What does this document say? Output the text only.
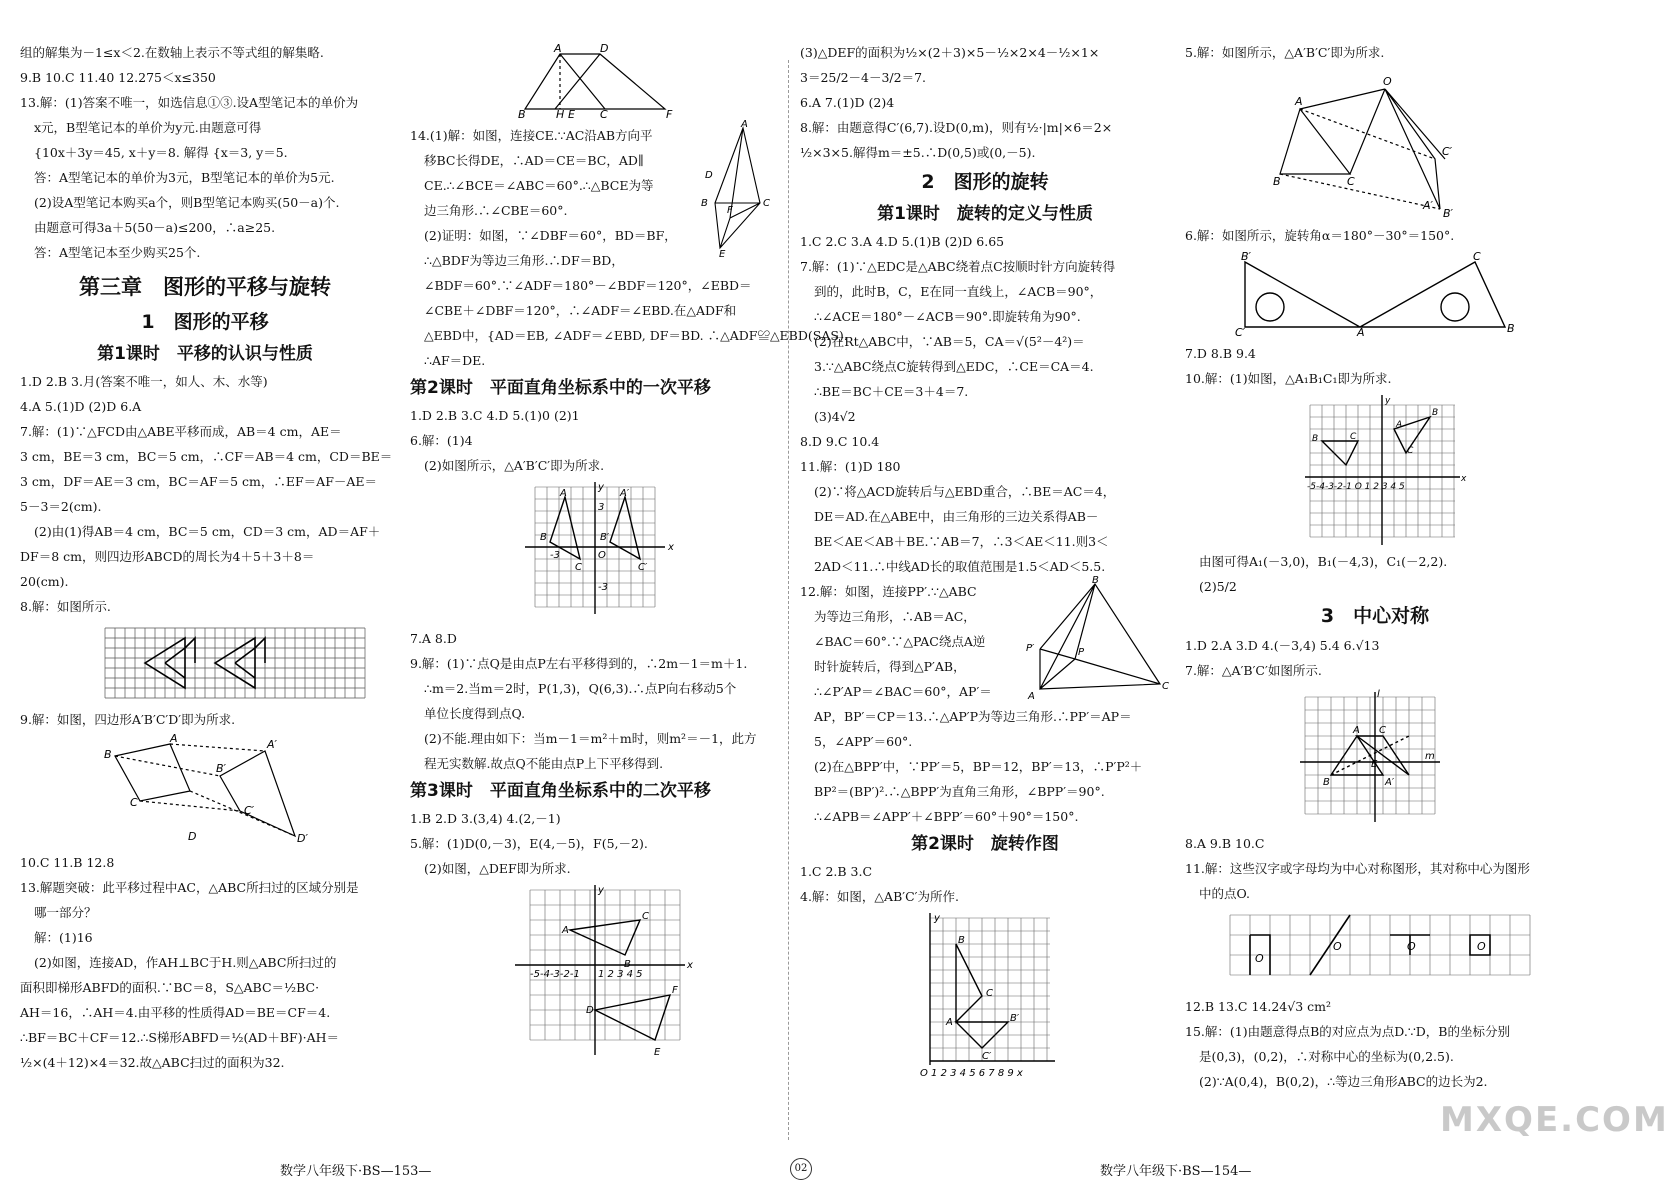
组的解集为－1≤x＜2.在数轴上表示不等式组的解集略.

9.B 10.C 11.40 12.275＜x≤350

13.解：(1)答案不唯一，如选信息①③.设A型笔记本的单价为

x元，B型笔记本的单价为y元.由题意可得

{10x＋3y＝45, x＋y＝8. 解得 {x＝3, y＝5.

答：A型笔记本的单价为3元，B型笔记本的单价为5元.

(2)设A型笔记本购买a个，则B型笔记本购买(50－a)个.

由题意可得3a＋5(50－a)≤200，∴a≥25.

答：A型笔记本至少购买25个.

第三章　图形的平移与旋转
1　图形的平移
第1课时　平移的认识与性质

1.D 2.B 3.月(答案不唯一，如人、木、水等)

4.A 5.(1)D (2)D 6.A

7.解：(1)∵△FCD由△ABE平移而成，AB＝4 cm，AE＝

3 cm，BE＝3 cm，BC＝5 cm，∴CF＝AB＝4 cm，CD＝BE＝

3 cm，DF＝AE＝3 cm，BC＝AF＝5 cm，∴EF＝AF－AE＝

5－3＝2(cm).

(2)由(1)得AB＝4 cm，BC＝5 cm，CD＝3 cm，AD＝AF＋

DF＝8 cm，则四边形ABCD的周长为4＋5＋3＋8＝

20(cm).

8.解：如图所示.

9.解：如图，四边形A′B′C′D′即为所求.

A
B
C
D
A′
B′
C′
D′

10.C 11.B 12.8

13.解题突破：此平移过程中AC，△ABC所扫过的区域分别是

哪一部分？

解：(1)16

(2)如图，连接AD，作AH⊥BC于H.则△ABC所扫过的

面积即梯形ABFD的面积.∵BC＝8，S△ABC＝½BC·

AH＝16，∴AH＝4.由平移的性质得AD＝BE＝CF＝4.

∴BF＝BC＋CF＝12.∴S梯形ABFD＝½(AD＋BF)·AH＝

½×(4＋12)×4＝32.故△ABC扫过的面积为32.

A	D
B	H E C	F
A
D
B	C
F
E

14.(1)解：如图，连接CE.∵AC沿AB方向平

移BC长得DE，∴AD＝CE＝BC，AD∥

CE.∴∠BCE＝∠ABC＝60°.∴△BCE为等

边三角形.∴∠CBE＝60°.

(2)证明：如图，∵∠DBF＝60°，BD＝BF，

∴△BDF为等边三角形.∴DF＝BD，

∠BDF＝60°.∵∠ADF＝180°－∠BDF＝120°，∠EBD＝

∠CBE＋∠DBF＝120°，∴∠ADF＝∠EBD.在△ADF和

△EBD中，{AD＝EB, ∠ADF＝∠EBD, DF＝BD. ∴△ADF≌△EBD(SAS).

∴AF＝DE.

第2课时　平面直角坐标系中的一次平移

1.D 2.B 3.C 4.D 5.(1)0 (2)1

6.解：(1)4

(2)如图所示，△A′B′C′即为所求.

A	A′
B	B′
C	C′
-3	O
x
y
3
-3

7.A 8.D

9.解：(1)∵点Q是由点P左右平移得到的，∴2m－1＝m＋1.

∴m＝2.当m＝2时，P(1,3)，Q(6,3).∴点P向右移动5个

单位长度得到点Q.

(2)不能.理由如下：当m－1＝m²＋m时，则m²＝－1，此方

程无实数解.故点Q不能由点P上下平移得到.

第3课时　平面直角坐标系中的二次平移

1.B 2.D 3.(3,4) 4.(2,－1)

5.解：(1)D(0,－3)，E(4,－5)，F(5,－2).

(2)如图，△DEF即为所求.

A
C
B
D
E
F
x
y
-5-4-3-2-1 1 2 3 4 5

(3)△DEF的面积为½×(2＋3)×5－½×2×4－½×1×

3＝25/2－4－3/2＝7.

6.A 7.(1)D (2)4

8.解：由题意得C′(6,7).设D(0,m)，则有½·|m|×6＝2×

½×3×5.解得m＝±5.∴D(0,5)或(0,－5).

2　图形的旋转
第1课时　旋转的定义与性质

1.C 2.C 3.A 4.D 5.(1)B (2)D 6.65

7.解：(1)∵△EDC是△ABC绕着点C按顺时针方向旋转得

到的，此时B，C，E在同一直线上，∠ACB＝90°，

∴∠ACE＝180°－∠ACB＝90°.即旋转角为90°.

(2)在Rt△ABC中，∵AB＝5，CA＝√(5²－4²)＝

3.∵△ABC绕点C旋转得到△EDC，∴CE＝CA＝4.

∴BE＝BC＋CE＝3＋4＝7.

(3)4√2

8.D 9.C 10.4

11.解：(1)D 180

(2)∵将△ACD旋转后与△EBD重合，∴BE＝AC＝4，

DE＝AD.在△ABE中，由三角形的三边关系得AB－

BE＜AE＜AB＋BE.∵AB＝7，∴3＜AE＜11.则3＜

2AD＜11.∴中线AD长的取值范围是1.5＜AD＜5.5.

B
P′	P
A
C

12.解：如图，连接PP′.∵△ABC

为等边三角形，∴AB＝AC，

∠BAC＝60°.∵△PAC绕点A逆

时针旋转后，得到△P′AB，

∴∠P′AP＝∠BAC＝60°，AP′＝

AP，BP′＝CP＝13.∴△AP′P为等边三角形.∴PP′＝AP＝

5，∠APP′＝60°.

(2)在△BPP′中，∵PP′＝5，BP＝12，BP′＝13，∴P′P²＋

BP²＝(BP′)².∴△BPP′为直角三角形，∠BPP′＝90°.

∴∠APB＝∠APP′＋∠BPP′＝60°＋90°＝150°.

第2课时　旋转作图

1.C 2.B 3.C

4.解：如图，△AB′C′为所作.

B
C
A	B′
C′
O 1 2 3 4 5 6 7 8 9 x
y

5.解：如图所示，△A′B′C′即为所求.

A
B	C
O
C′
A′
B′

6.解：如图所示，旋转角α＝180°－30°＝150°.

B′	C
C′	A	B

7.D 8.B 9.4

10.解：(1)如图，△A₁B₁C₁即为所求.

B
B
A
C
C
y
x
-5-4-3-2-1 O 1 2 3 4 5

由图可得A₁(－3,0)，B₁(－4,3)，C₁(－2,2).

(2)5/2

3　中心对称

1.D 2.A 3.D 4.(－3,4) 5.4 6.√13

7.解：△A′B′C′如图所示.

A C
B	A′
E
l
m

8.A 9.B 10.C

11.解：这些汉字或字母均为中心对称图形，其对称中心为图形

中的点O.

O
O	O	O

12.B 13.C 14.24√3 cm²

15.解：(1)由题意得点B的对应点为点D.∵D，B的坐标分别

是(0,3)，(0,2)，∴对称中心的坐标为(0,2.5).

(2)∵A(0,4)，B(0,2)，∴等边三角形ABC的边长为2.

数学八年级下·BS—153—	02	数学八年级下·BS—154—
MXQE.COM
